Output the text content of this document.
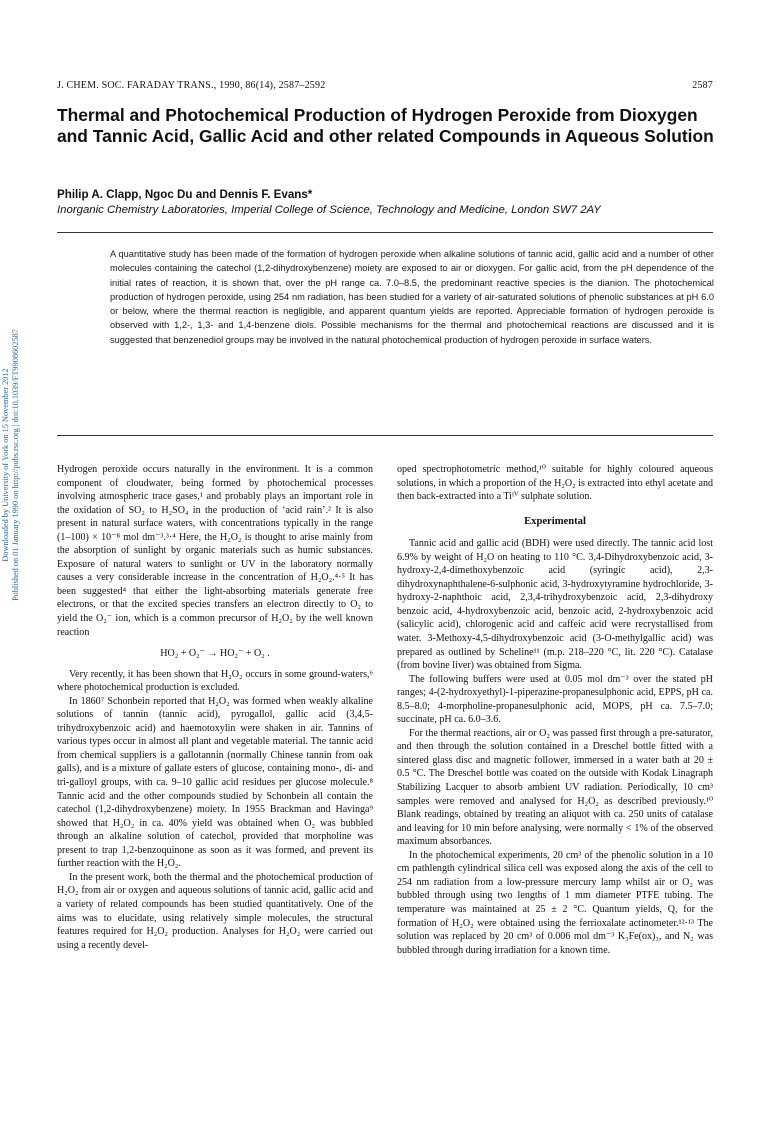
Downloaded by University of York on 15 November 2012 Published on 01 January 1990 on http://pubs.rsc.org | doi:10.1039/FT9908602587
J. CHEM. SOC. FARADAY TRANS., 1990, 86(14), 2587–2592	2587
Thermal and Photochemical Production of Hydrogen Peroxide from Dioxygen and Tannic Acid, Gallic Acid and other related Compounds in Aqueous Solution
Philip A. Clapp, Ngoc Du and Dennis F. Evans*
Inorganic Chemistry Laboratories, Imperial College of Science, Technology and Medicine, London SW7 2AY
A quantitative study has been made of the formation of hydrogen peroxide when alkaline solutions of tannic acid, gallic acid and a number of other molecules containing the catechol (1,2-dihydroxybenzene) moiety are exposed to air or dioxygen. For gallic acid, from the pH dependence of the initial rates of reaction, it is shown that, over the pH range ca. 7.0–8.5, the predominant reactive species is the dianion. The photochemical production of hydrogen peroxide, using 254 nm radiation, has been studied for a variety of air-saturated solutions of phenolic substances at pH 6.0 or below, where the thermal reaction is negligible, and apparent quantum yields are reported. Appreciable formation of hydrogen peroxide is observed with 1,2-, 1,3- and 1,4-benzene diols. Possible mechanisms for the thermal and photochemical reactions are discussed and it is suggested that benzenediol groups may be involved in the natural photochemical production of hydrogen peroxide in surface waters.

Hydrogen peroxide occurs naturally in the environment. It is a common component of cloudwater, being formed by photochemical processes involving atmospheric trace gases,¹ and probably plays an important role in the oxidation of SO₂ to H₂SO₄ in the production of ‘acid rain’.² It is also present in natural surface waters, with concentrations typically in the range (1–100) × 10⁻⁸ mol dm⁻³.³·⁴ Here, the H₂O₂ is thought to arise mainly from the absorption of sunlight by organic materials such as humic substances. Exposure of natural waters to sunlight or UV in the laboratory normally causes a very considerable increase in the concentration of H₂O₂.⁴·⁵ It has been suggested⁴ that either the light-absorbing materials generate free electrons, or that the excited species transfers an electron directly to O₂ to yield the O₂⁻ ion, which is a common precursor of H₂O₂ by the well known reaction

HO₂ + O₂⁻ → HO₂⁻ + O₂ .

Very recently, it has been shown that H₂O₂ occurs in some ground-waters,⁶ where photochemical production is excluded.

In 1860⁷ Schonbein reported that H₂O₂ was formed when weakly alkaline solutions of tannin (tannic acid), pyrogallol, gallic acid (3,4,5-trihydroxybenzoic acid) and haemotoxylin were shaken in air. Tannins of various types occur in almost all plant and vegetable material. The tannic acid from chemical suppliers is a gallotannin (normally Chinese tannin from oak galls), and is a mixture of gallate esters of glucose, containing mono-, di- and tri-galloyl groups, with ca. 9–10 gallic acid residues per glucose molecule.⁸ Tannic acid and the other compounds studied by Schonbein all contain the catechol (1,2-dihydroxybenzene) moiety. In 1955 Brackman and Havinga⁹ showed that H₂O₂ in ca. 40% yield was obtained when O₂ was bubbled through an alkaline solution of catechol, provided that morpholine was present to trap 1,2-benzoquinone as soon as it was formed, and prevent its further reaction with the H₂O₂.

In the present work, both the thermal and the photochemical production of H₂O₂ from air or oxygen and aqueous solutions of tannic acid, gallic acid and a variety of related compounds has been studied quantitatively. One of the aims was to elucidate, using relatively simple molecules, the structural features required for H₂O₂ production. Analyses for H₂O₂ were carried out using a recently devel-

oped spectrophotometric method,¹⁰ suitable for highly coloured aqueous solutions, in which a proportion of the H₂O₂ is extracted into ethyl acetate and then back-extracted into a Tiᴵⱽ sulphate solution.

Experimental

Tannic acid and gallic acid (BDH) were used directly. The tannic acid lost 6.9% by weight of H₂O on heating to 110 °C. 3,4-Dihydroxybenzoic acid, 3-hydroxy-2,4-dimethoxybenzoic acid (syringic acid), 2,3-dihydroxynaphthalene-6-sulphonic acid, 3-hydroxytyramine hydrochloride, 3-hydroxy-2-naphthoic acid, 2,3,4-trihydroxybenzoic acid, 2,3-dihydroxy benzoic acid, 4-hydroxybenzoic acid, benzoic acid, 2-hydroxybenzoic acid (salicylic acid), chlorogenic acid and caffeic acid were recrystallised from water. 3-Methoxy-4,5-dihydroxybenzoic acid (3-O-methylgallic acid) was prepared as outlined by Scheline¹¹ (m.p. 218–220 °C, lit. 220 °C). Catalase (from bovine liver) was obtained from Sigma.

The following buffers were used at 0.05 mol dm⁻³ over the stated pH ranges; 4-(2-hydroxyethyl)-1-piperazine-propanesulphonic acid, EPPS, pH ca. 8.5–8.0; 4-morpholine-propanesulphonic acid, MOPS, pH ca. 7.5–7.0; succinate, pH ca. 6.0–3.6.

For the thermal reactions, air or O₂ was passed first through a pre-saturator, and then through the solution contained in a Dreschel bottle fitted with a sintered glass disc and magnetic follower, immersed in a water bath at 20 ± 0.5 °C. The Dreschel bottle was coated on the outside with Kodak Linagraph Stabilizing Lacquer to absorb ambient UV radiation. Periodically, 10 cm³ samples were removed and analysed for H₂O₂ as described previously.¹⁰ Blank readings, obtained by treating an aliquot with ca. 250 units of catalase and leaving for 10 min before analysing, were normally < 1% of the observed maximum absorbances.

In the photochemical experiments, 20 cm³ of the phenolic solution in a 10 cm pathlength cylindrical silica cell was exposed along the axis of the cell to 254 nm radiation from a low-pressure mercury lamp whilst air or O₂ was bubbled through using two lengths of 1 mm diameter PTFE tubing. The temperature was maintained at 25 ± 2 °C. Quantum yields, Q, for the formation of H₂O₂ were obtained using the ferrioxalate actinometer.¹²·¹³ The solution was replaced by 20 cm³ of 0.006 mol dm⁻³ K₃Fe(ox)₃, and N₂ was bubbled through during irradiation for a known time.
